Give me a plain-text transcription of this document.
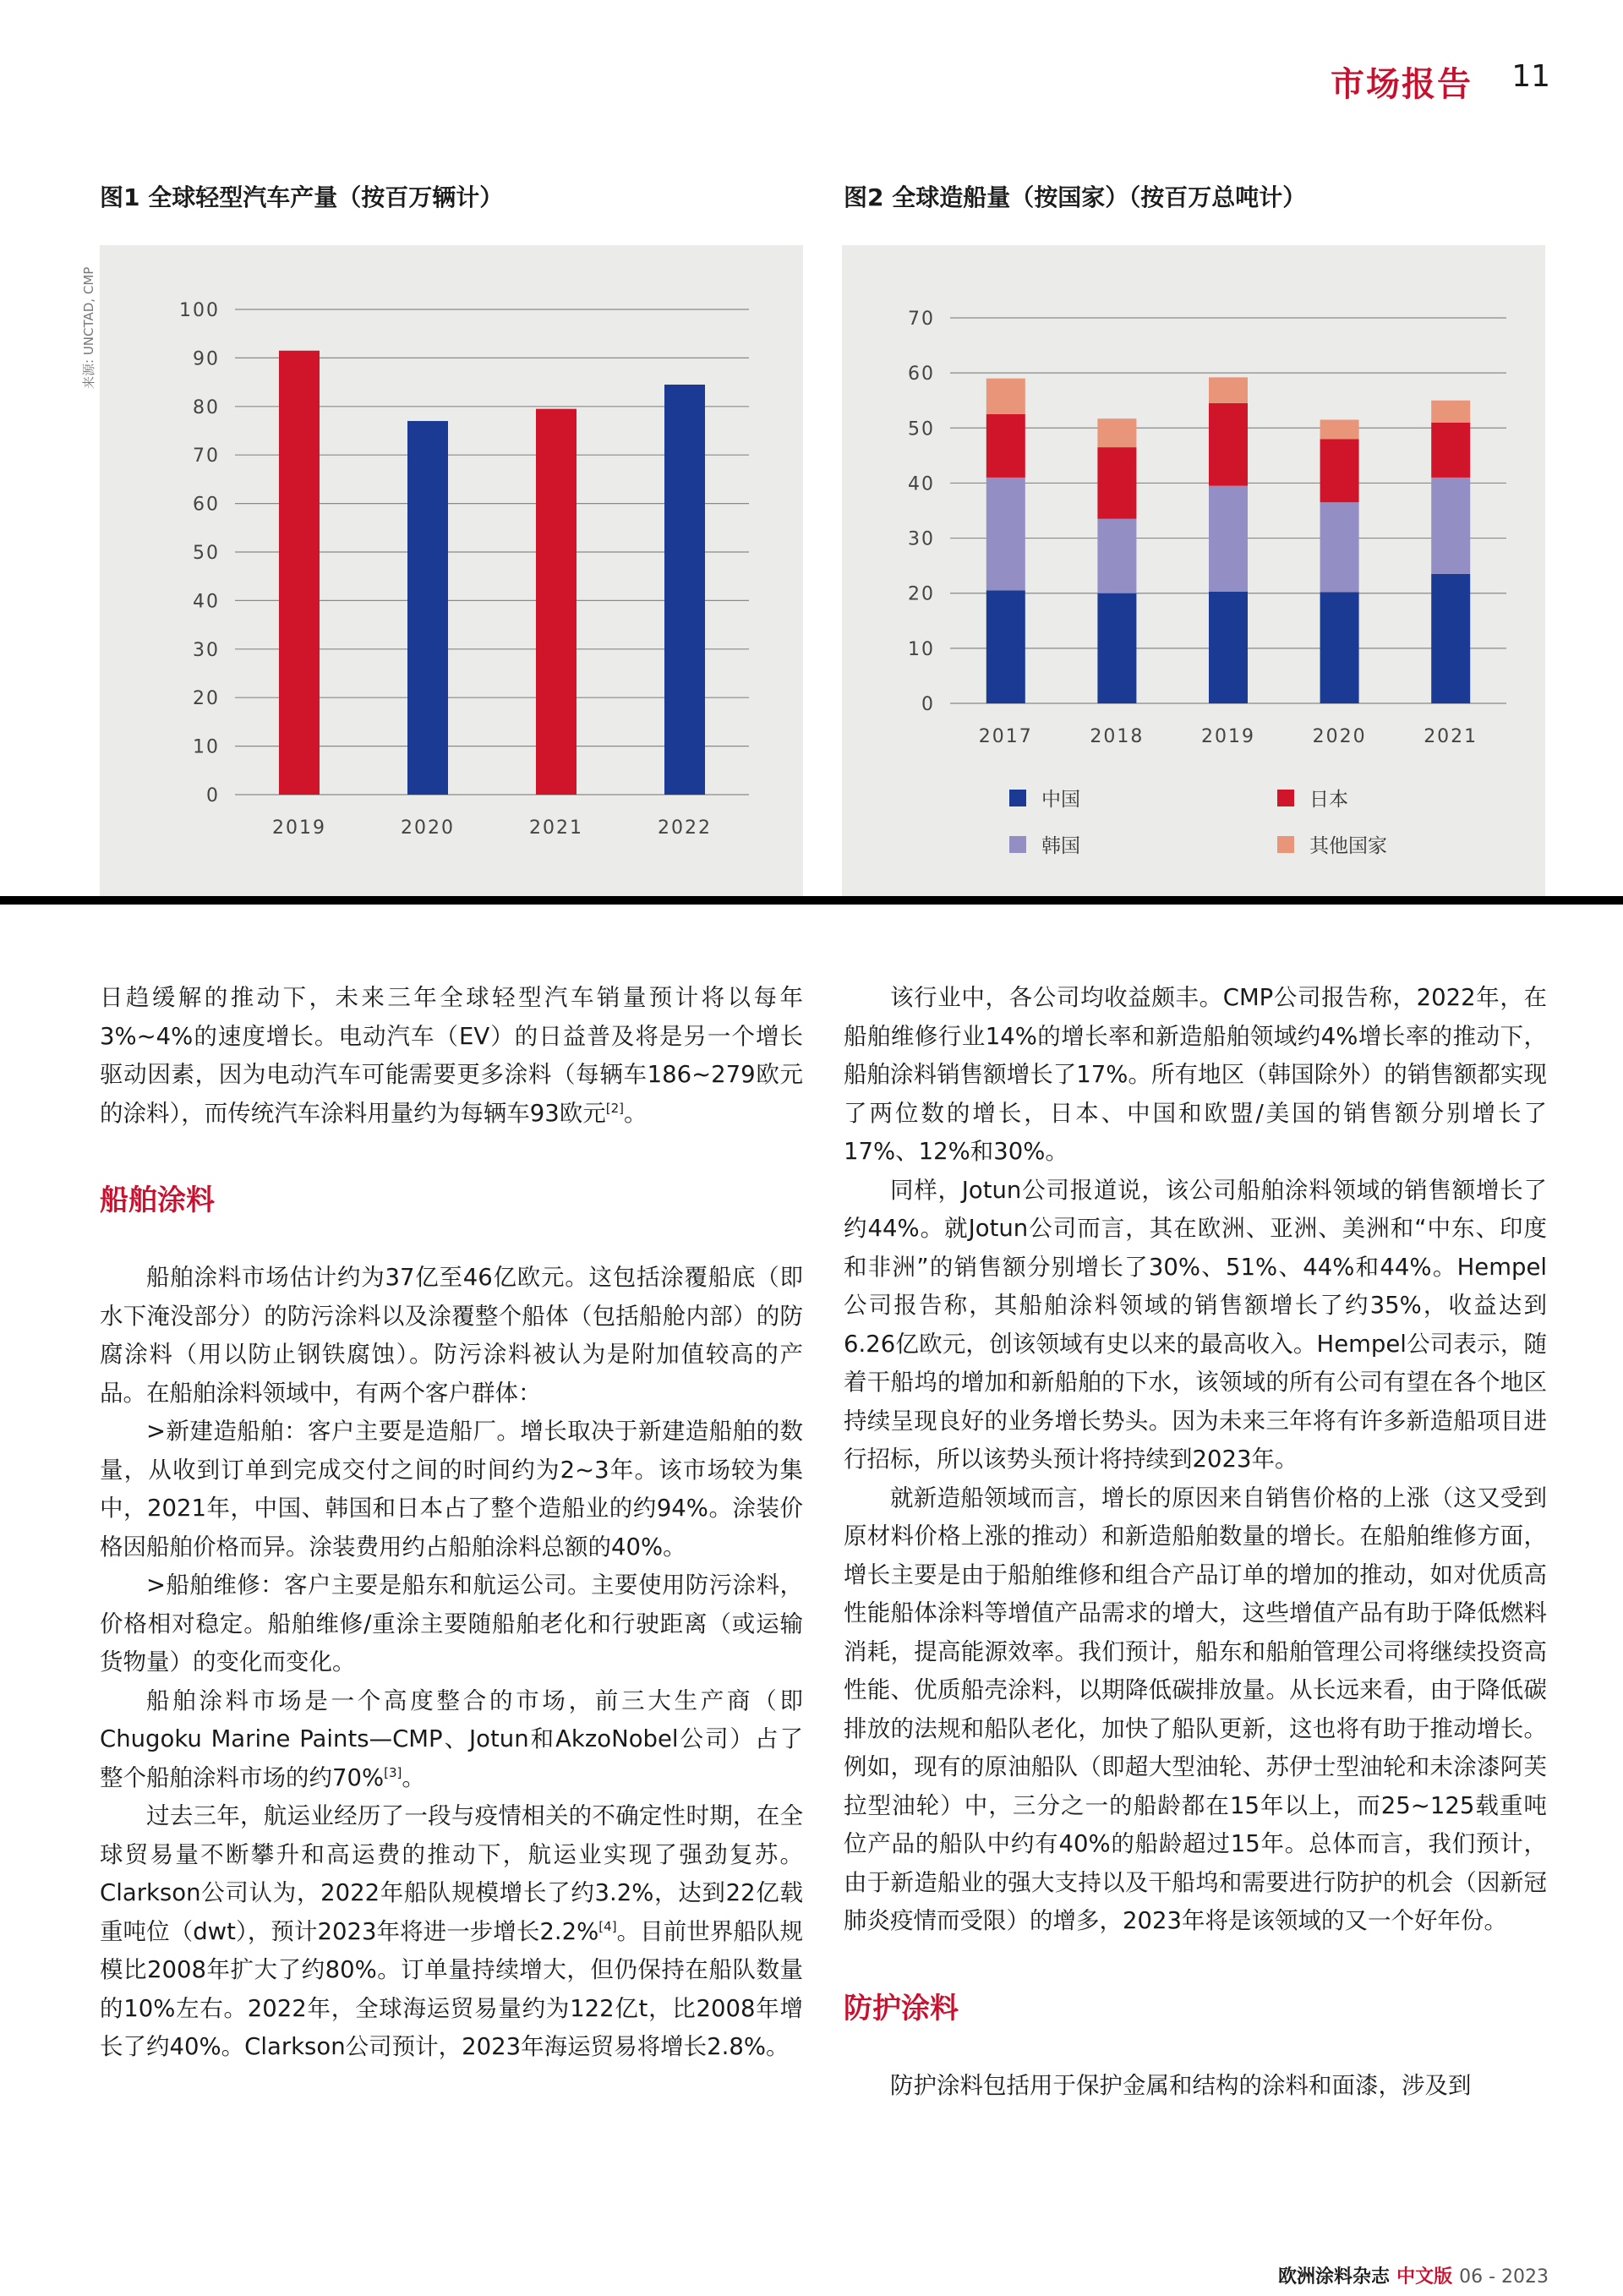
市场报告 11
图1 全球轻型汽车产量（按百万辆计）	图2 全球造船量（按国家）（按百万总吨计）
来源: UNCTAD, CMP
0
10
20
30
40
50
60
70
80
90
100
2019	2020	2021	2022
0
10
20
30
40
50
60
70
2017	2018	2019	2020	2021
中国	日本
韩国	其他国家

日趋缓解的推动下，未来三年全球轻型汽车销量预计将以每年3%~4%的速度增长。电动汽车（EV）的日益普及将是另一个增长驱动因素，因为电动汽车可能需要更多涂料（每辆车186~279欧元的涂料），而传统汽车涂料用量约为每辆车93欧元[2]。

船舶涂料

船舶涂料市场估计约为37亿至46亿欧元。这包括涂覆船底（即水下淹没部分）的防污涂料以及涂覆整个船体（包括船舱内部）的防腐涂料（用以防止钢铁腐蚀）。防污涂料被认为是附加值较高的产品。在船舶涂料领域中，有两个客户群体：

>新建造船舶：客户主要是造船厂。增长取决于新建造船舶的数量，从收到订单到完成交付之间的时间约为2~3年。该市场较为集中，2021年，中国、韩国和日本占了整个造船业的约94%。涂装价格因船舶价格而异。涂装费用约占船舶涂料总额的40%。

>船舶维修：客户主要是船东和航运公司。主要使用防污涂料，价格相对稳定。船舶维修/重涂主要随船舶老化和行驶距离（或运输货物量）的变化而变化。

船舶涂料市场是一个高度整合的市场，前三大生产商（即Chugoku Marine Paints—CMP、Jotun和AkzoNobel公司）占了整个船舶涂料市场的约70%[3]。

过去三年，航运业经历了一段与疫情相关的不确定性时期，在全球贸易量不断攀升和高运费的推动下，航运业实现了强劲复苏。Clarkson公司认为，2022年船队规模增长了约3.2%，达到22亿载重吨位（dwt），预计2023年将进一步增长2.2%[4]。目前世界船队规模比2008年扩大了约80%。订单量持续增大，但仍保持在船队数量的10%左右。2022年，全球海运贸易量约为122亿t，比2008年增长了约40%。Clarkson公司预计，2023年海运贸易将增长2.8%。

该行业中，各公司均收益颇丰。CMP公司报告称，2022年，在船舶维修行业14%的增长率和新造船舶领域约4%增长率的推动下，船舶涂料销售额增长了17%。所有地区（韩国除外）的销售额都实现了两位数的增长，日本、中国和欧盟/美国的销售额分别增长了17%、12%和30%。

同样，Jotun公司报道说，该公司船舶涂料领域的销售额增长了约44%。就Jotun公司而言，其在欧洲、亚洲、美洲和“中东、印度和非洲”的销售额分别增长了30%、51%、44%和44%。Hempel公司报告称，其船舶涂料领域的销售额增长了约35%，收益达到6.26亿欧元，创该领域有史以来的最高收入。Hempel公司表示，随着干船坞的增加和新船舶的下水，该领域的所有公司有望在各个地区持续呈现良好的业务增长势头。因为未来三年将有许多新造船项目进行招标，所以该势头预计将持续到2023年。

就新造船领域而言，增长的原因来自销售价格的上涨（这又受到原材料价格上涨的推动）和新造船舶数量的增长。在船舶维修方面，增长主要是由于船舶维修和组合产品订单的增加的推动，如对优质高性能船体涂料等增值产品需求的增大，这些增值产品有助于降低燃料消耗，提高能源效率。我们预计，船东和船舶管理公司将继续投资高性能、优质船壳涂料，以期降低碳排放量。从长远来看，由于降低碳排放的法规和船队老化，加快了船队更新，这也将有助于推动增长。例如，现有的原油船队（即超大型油轮、苏伊士型油轮和未涂漆阿芙拉型油轮）中，三分之一的船龄都在15年以上，而25~125载重吨位产品的船队中约有40%的船龄超过15年。总体而言，我们预计，由于新造船业的强大支持以及干船坞和需要进行防护的机会（因新冠肺炎疫情而受限）的增多，2023年将是该领域的又一个好年份。

防护涂料

防护涂料包括用于保护金属和结构的涂料和面漆，涉及到

欧洲涂料杂志 中文版 06 - 2023
